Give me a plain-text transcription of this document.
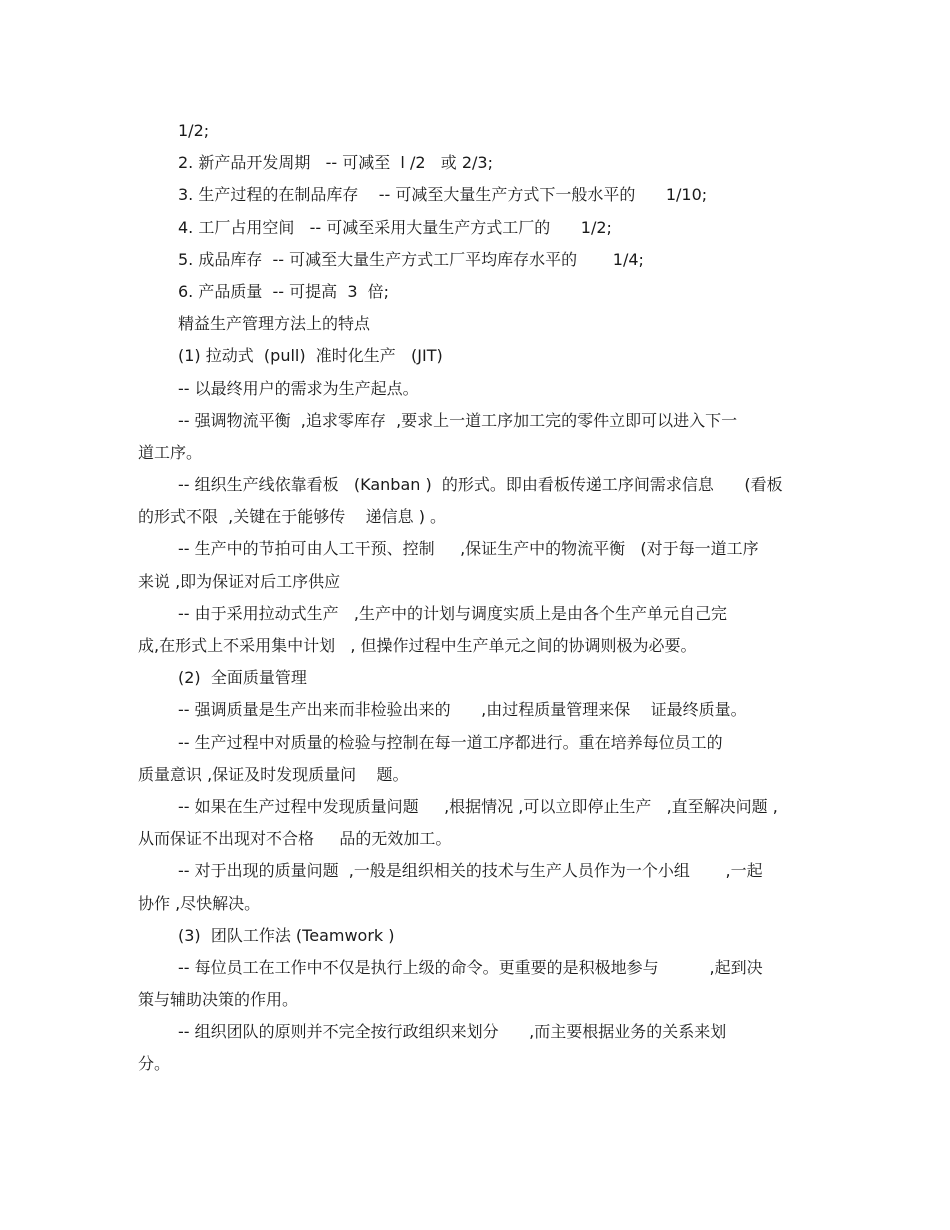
1/2;
2. 新产品开发周期   -- 可减至  l /2   或 2/3;
3. 生产过程的在制品库存    -- 可减至大量生产方式下一般水平的      1/10;
4. 工厂占用空间   -- 可减至采用大量生产方式工厂的      1/2;
5. 成品库存  -- 可减至大量生产方式工厂平均库存水平的       1/4;
6. 产品质量  -- 可提高  3  倍;
精益生产管理方法上的特点
(1) 拉动式  (pull)  准时化生产   (JIT)
-- 以最终用户的需求为生产起点。
-- 强调物流平衡  ,追求零库存  ,要求上一道工序加工完的零件立即可以进入下一
道工序。
-- 组织生产线依靠看板   (Kanban )  的形式。即由看板传递工序间需求信息      (看板
的形式不限  ,关键在于能够传    递信息 ) 。
-- 生产中的节拍可由人工干预、控制     ,保证生产中的物流平衡   (对于每一道工序
来说 ,即为保证对后工序供应
-- 由于采用拉动式生产   ,生产中的计划与调度实质上是由各个生产单元自己完
成,在形式上不采用集中计划   , 但操作过程中生产单元之间的协调则极为必要。
(2)  全面质量管理
-- 强调质量是生产出来而非检验出来的      ,由过程质量管理来保    证最终质量。
-- 生产过程中对质量的检验与控制在每一道工序都进行。重在培养每位员工的
质量意识 ,保证及时发现质量问    题。
-- 如果在生产过程中发现质量问题     ,根据情况 ,可以立即停止生产   ,直至解决问题 ,
从而保证不出现对不合格     品的无效加工。
-- 对于出现的质量问题  ,一般是组织相关的技术与生产人员作为一个小组       ,一起
协作 ,尽快解决。
(3)  团队工作法 (Teamwork )
-- 每位员工在工作中不仅是执行上级的命令。更重要的是积极地参与          ,起到决
策与辅助决策的作用。
-- 组织团队的原则并不完全按行政组织来划分      ,而主要根据业务的关系来划
分。
